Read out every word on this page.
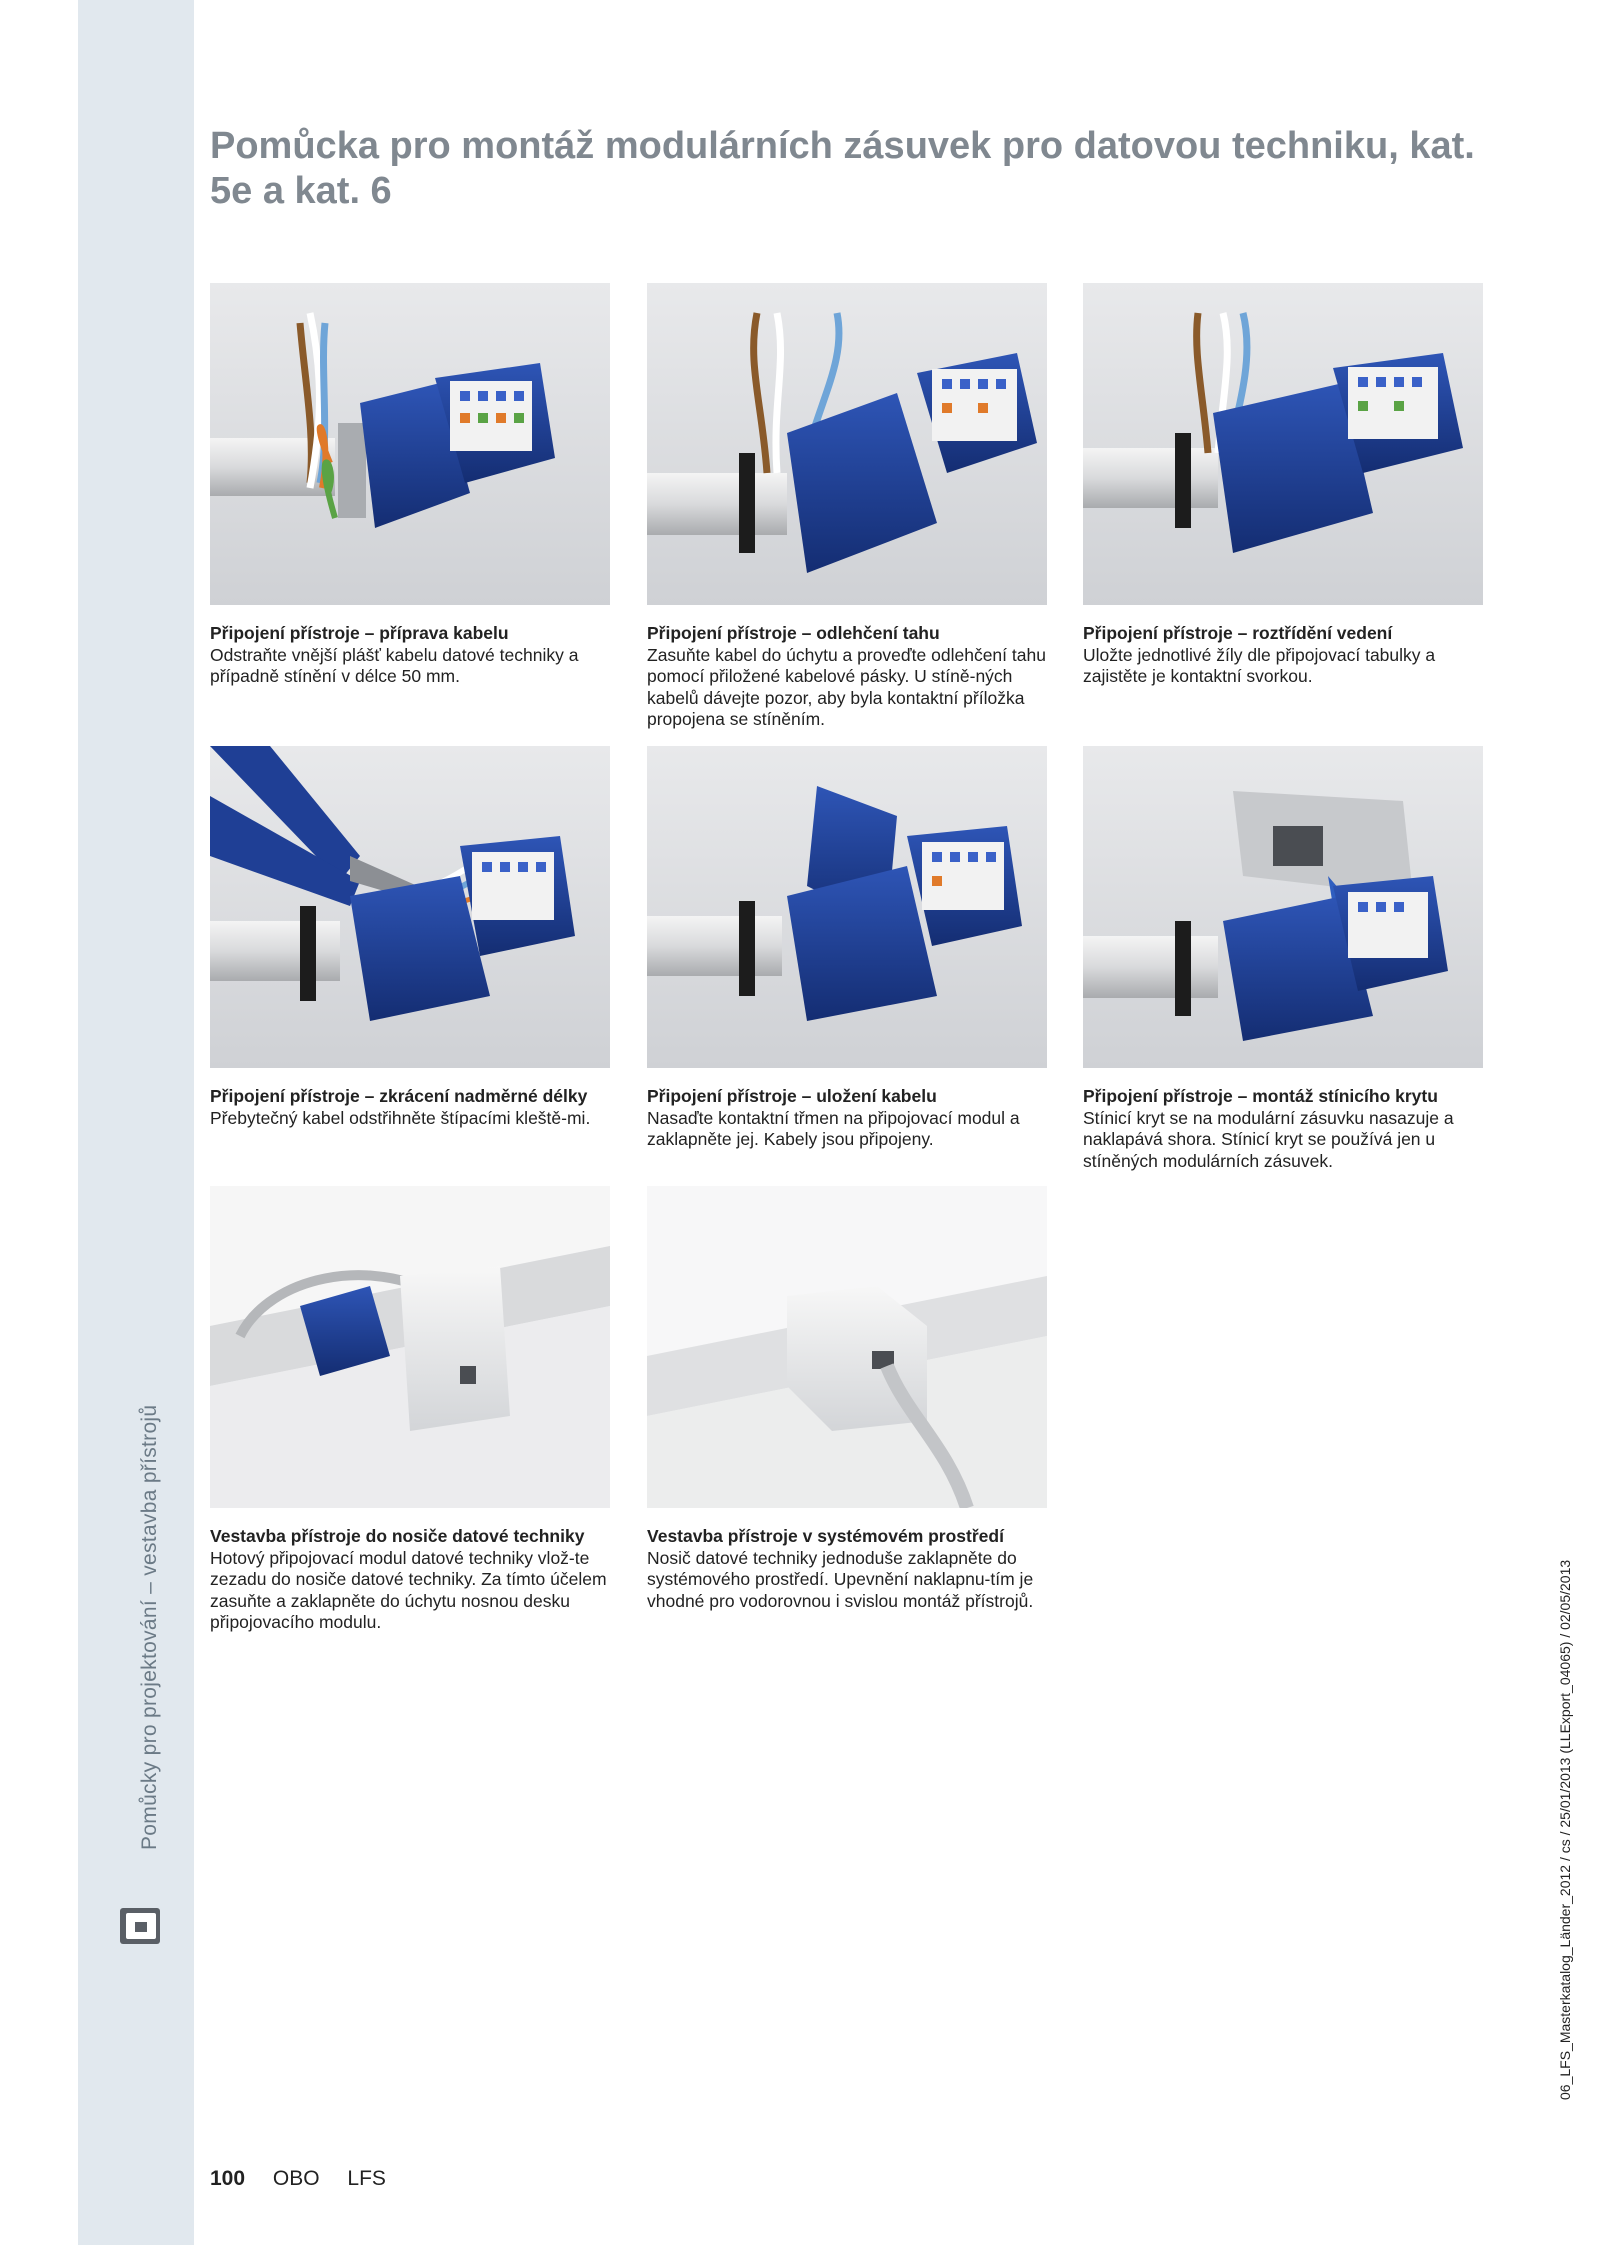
Pomůcky pro projektování – vestavba přístrojů
Pomůcka pro montáž modulárních zásuvek pro datovou techniku, kat. 5e a kat. 6
Připojení přístroje – příprava kabelu
Odstraňte vnější plášť kabelu datové techniky a případně stínění v délce 50 mm.
Připojení přístroje – odlehčení tahu
Zasuňte kabel do úchytu a proveďte odlehčení tahu pomocí přiložené kabelové pásky. U stíně-ných kabelů dávejte pozor, aby byla kontaktní příložka propojena se stíněním.
Připojení přístroje – roztřídění vedení
Uložte jednotlivé žíly dle připojovací tabulky a zajistěte je kontaktní svorkou.
Připojení přístroje – zkrácení nadměrné délky
Přebytečný kabel odstřihněte štípacími kleště-mi.
Připojení přístroje – uložení kabelu
Nasaďte kontaktní třmen na připojovací modul a zaklapněte jej. Kabely jsou připojeny.
Připojení přístroje – montáž stínicího krytu
Stínicí kryt se na modulární zásuvku nasazuje a naklapává shora. Stínicí kryt se používá jen u stíněných modulárních zásuvek.
Vestavba přístroje do nosiče datové techniky
Hotový připojovací modul datové techniky vlož-te zezadu do nosiče datové techniky. Za tímto účelem zasuňte a zaklapněte do úchytu nosnou desku připojovacího modulu.
Vestavba přístroje v systémovém prostředí
Nosič datové techniky jednoduše zaklapněte do systémového prostředí. Upevnění naklapnu-tím je vhodné pro vodorovnou i svislou montáž přístrojů.
100 OBO LFS
06_LFS_Masterkatalog_Länder_2012 / cs / 25/01/2013 (LLExport_04065) / 02/05/2013
